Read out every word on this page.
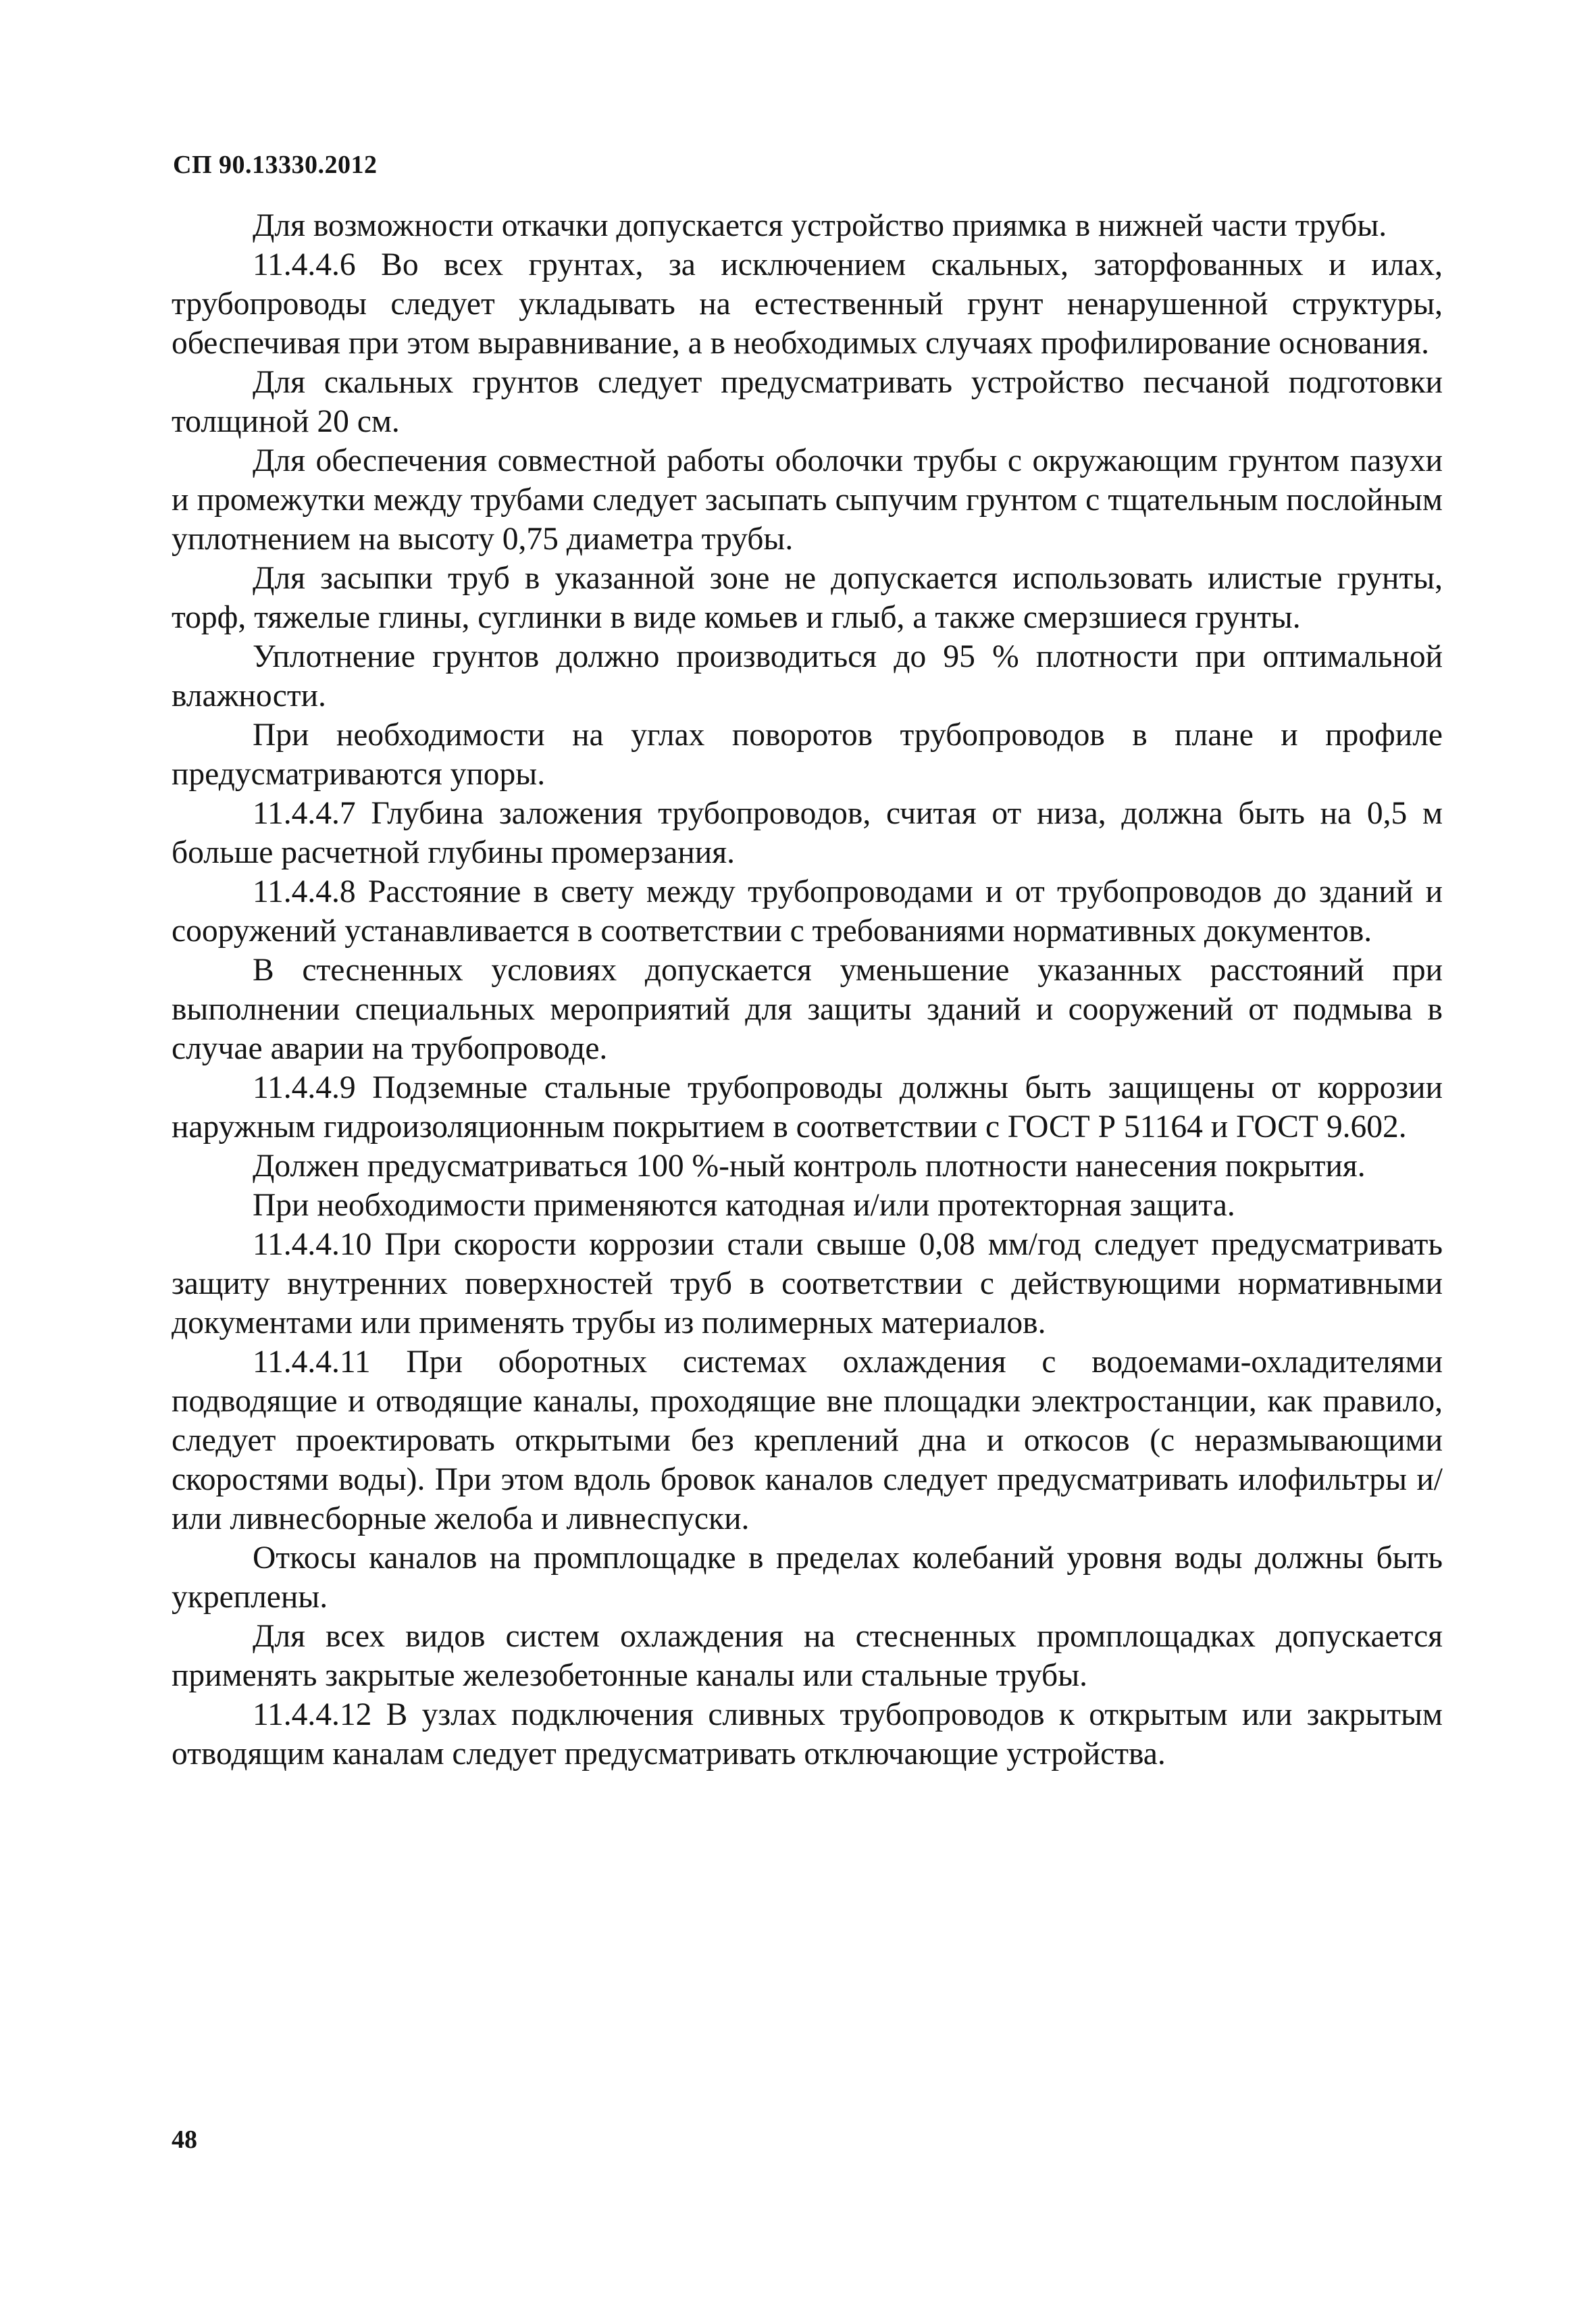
СП 90.13330.2012

Для возможности откачки допускается устройство приямка в нижней части трубы.

11.4.4.6 Во всех грунтах, за исключением скальных, заторфованных и илах, трубопроводы следует укладывать на естественный грунт ненарушенной структуры, обеспечивая при этом выравнивание, а в необходимых случаях профилирование основания.

Для скальных грунтов следует предусматривать устройство песчаной подготовки толщиной 20 см.

Для обеспечения совместной работы оболочки трубы с окружающим грунтом пазухи и промежутки между трубами следует засыпать сыпучим грунтом с тщательным послойным уплотнением на высоту 0,75 диаметра трубы.

Для засыпки труб в указанной зоне не допускается использовать илистые грунты, торф, тяжелые глины, суглинки в виде комьев и глыб, а также смерзшиеся грунты.

Уплотнение грунтов должно производиться до 95 % плотности при оптимальной влажности.

При необходимости на углах поворотов трубопроводов в плане и профиле предусматриваются упоры.

11.4.4.7 Глубина заложения трубопроводов, считая от низа, должна быть на 0,5 м больше расчетной глубины промерзания.

11.4.4.8 Расстояние в свету между трубопроводами и от трубопроводов до зданий и сооружений устанавливается в соответствии с требованиями нормативных документов.

В стесненных условиях допускается уменьшение указанных расстояний при выполнении специальных мероприятий для защиты зданий и сооружений от подмыва в случае аварии на трубопроводе.

11.4.4.9 Подземные стальные трубопроводы должны быть защищены от коррозии наружным гидроизоляционным покрытием в соответствии с ГОСТ Р 51164 и ГОСТ 9.602.

Должен предусматриваться 100 %-ный контроль плотности нанесения покрытия.

При необходимости применяются катодная и/или протекторная защита.

11.4.4.10 При скорости коррозии стали свыше 0,08 мм/год следует предусматривать защиту внутренних поверхностей труб в соответствии с действующими нормативными документами или применять трубы из полимерных материалов.

11.4.4.11 При оборотных системах охлаждения с водоемами-охладителями подводящие и отводящие каналы, проходящие вне площадки электростанции, как правило, следует проектировать открытыми без креплений дна и откосов (с неразмывающими скоростями воды). При этом вдоль бровок каналов следует предусматривать илофильтры и/или ливнесборные желоба и ливнеспуски.

Откосы каналов на промплощадке в пределах колебаний уровня воды должны быть укреплены.

Для всех видов систем охлаждения на стесненных промплощадках допускается применять закрытые железобетонные каналы или стальные трубы.

11.4.4.12 В узлах подключения сливных трубопроводов к открытым или закрытым отводящим каналам следует предусматривать отключающие устройства.

48
